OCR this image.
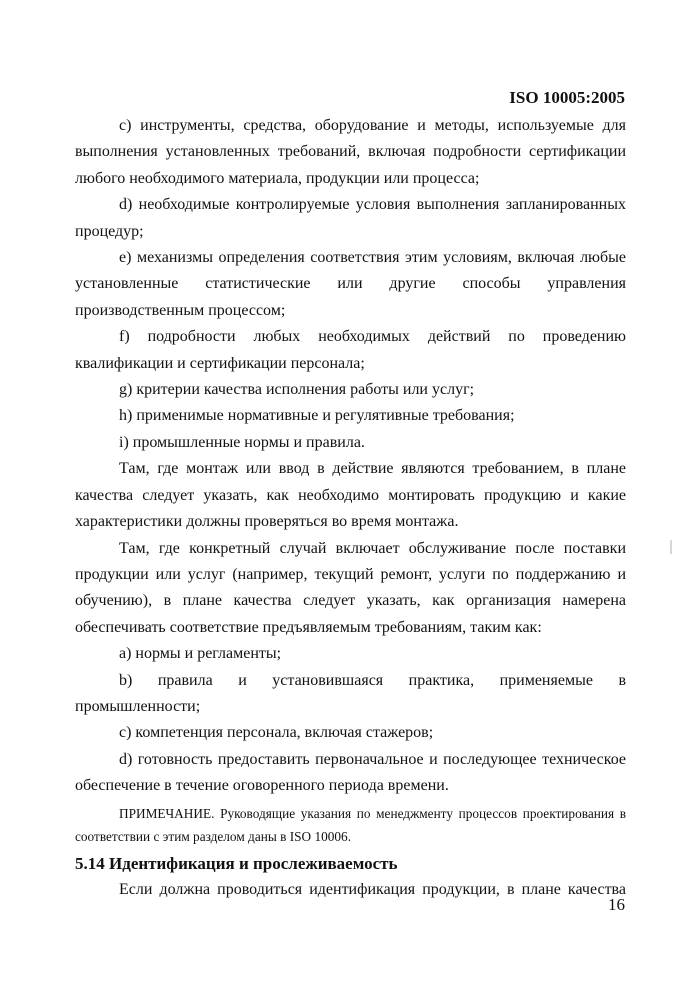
ISO 10005:2005

с) инструменты, средства, оборудование и методы, используемые для выполнения установленных требований, включая подробности сертификации любого необходимого материала, продукции или процесса;

d) необходимые контролируемые условия выполнения запланированных процедур;

е) механизмы определения соответствия этим условиям, включая любые установленные статистические или другие способы управления производственным процессом;

f) подробности любых необходимых действий по проведению квалификации и сертификации персонала;

g) критерии качества исполнения работы или услуг;

h) применимые нормативные и регулятивные требования;

i) промышленные нормы и правила.

Там, где монтаж или ввод в действие являются требованием, в плане качества следует указать, как необходимо монтировать продукцию и какие характеристики должны проверяться во время монтажа.

Там, где конкретный случай включает обслуживание после поставки продукции или услуг (например, текущий ремонт, услуги по поддержанию и обучению), в плане качества следует указать, как организация намерена обеспечивать соответствие предъявляемым требованиям, таким как:

а) нормы и регламенты;

b) правила и установившаяся практика, применяемые в промышленности;

с) компетенция персонала, включая стажеров;

d) готовность предоставить первоначальное и последующее техническое обеспечение в течение оговоренного периода времени.

ПРИМЕЧАНИЕ. Руководящие указания по менеджменту процессов проектирования в соответствии с этим разделом даны в ISO 10006.

5.14 Идентификация и прослеживаемость

Если должна проводиться идентификация продукции, в плане качества

16
